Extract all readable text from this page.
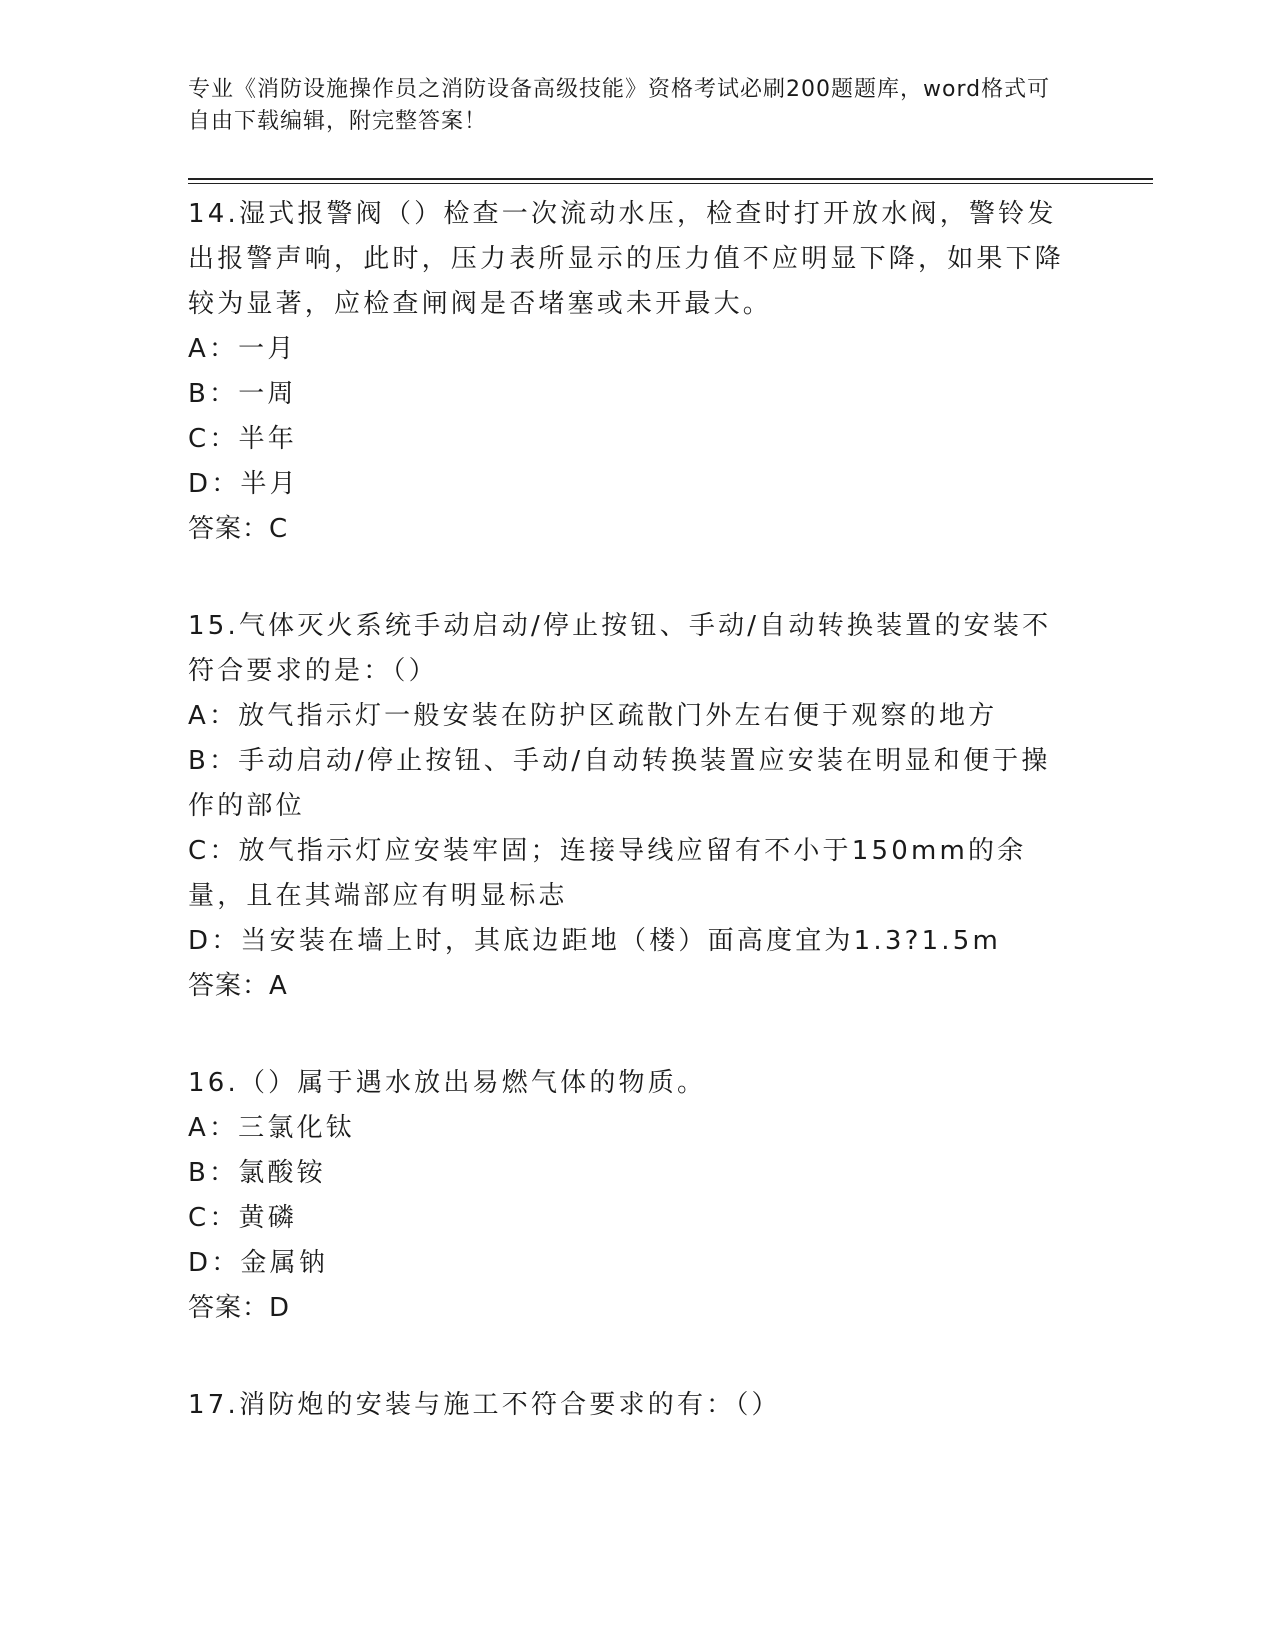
专业《消防设施操作员之消防设备高级技能》资格考试必刷200题题库，word格式可自由下载编辑，附完整答案！
14.湿式报警阀（）检查一次流动水压，检查时打开放水阀，警铃发出报警声响，此时，压力表所显示的压力值不应明显下降，如果下降较为显著，应检查闸阀是否堵塞或未开最大。
A：一月
B：一周
C：半年
D：半月
答案：C
15.气体灭火系统手动启动/停止按钮、手动/自动转换装置的安装不符合要求的是：（）
A：放气指示灯一般安装在防护区疏散门外左右便于观察的地方
B：手动启动/停止按钮、手动/自动转换装置应安装在明显和便于操作的部位
C：放气指示灯应安装牢固；连接导线应留有不小于150mm的余量，且在其端部应有明显标志
D：当安装在墙上时，其底边距地（楼）面高度宜为1.3?1.5m
答案：A
16.（）属于遇水放出易燃气体的物质。
A：三氯化钛
B：氯酸铵
C：黄磷
D：金属钠
答案：D
17.消防炮的安装与施工不符合要求的有：（）
